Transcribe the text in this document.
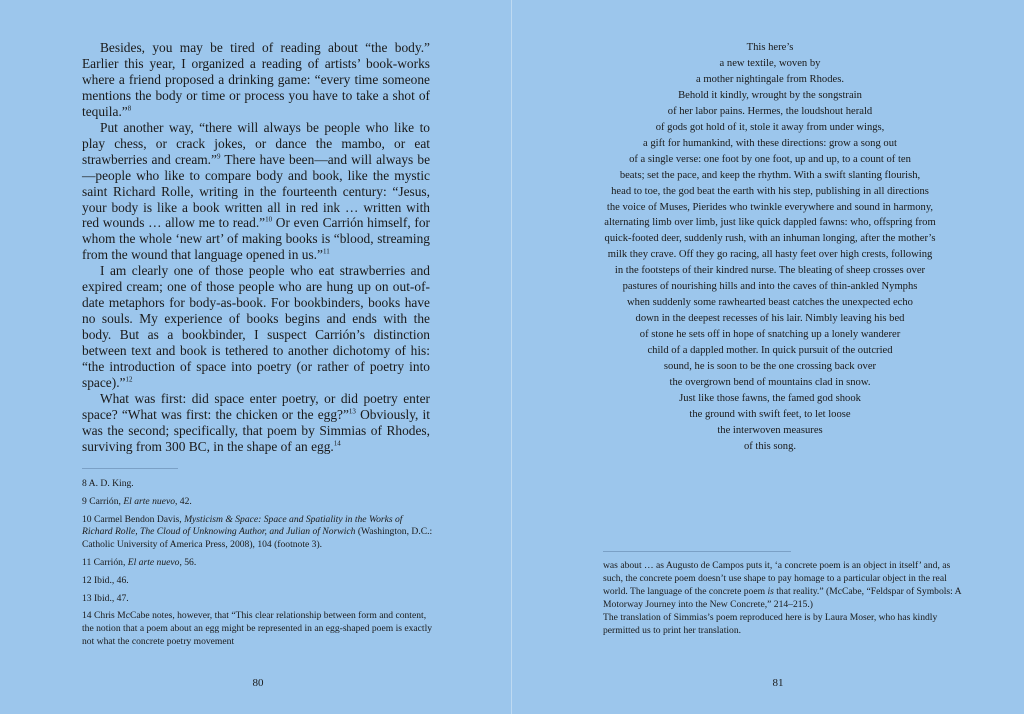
Besides, you may be tired of reading about “the body.” Earlier this year, I organized a reading of artists’ book-works where a friend proposed a drinking game: “every time someone mentions the body or time or process you have to take a shot of tequila.”$^8$

Put another way, “there will always be people who like to play chess, or crack jokes, or dance the mambo, or eat strawberries and cream.”$^9$ There have been—and will always be—people who like to compare body and book, like the mystic saint Richard Rolle, writing in the fourteenth century: “Jesus, your body is like a book written all in red ink … written with red wounds … allow me to read.”$^{10}$ Or even Carrión himself, for whom the whole ‘new art’ of making books is “blood, streaming from the wound that language opened in us.”$^{11}$

I am clearly one of those people who eat strawberries and expired cream; one of those people who are hung up on out-of-date metaphors for body-as-book. For bookbinders, books have no souls. My experience of books begins and ends with the body. But as a bookbinder, I suspect Carrión’s distinction between text and book is tethered to another dichotomy of his: “the introduction of space into poetry (or rather of poetry into space).”$^{12}$

What was first: did space enter poetry, or did poetry enter space? “What was first: the chicken or the egg?”$^{13}$ Obviously, it was the second; specifically, that poem by Simmias of Rhodes, surviving from 300 BC, in the shape of an egg.$^{14}$

8 A. D. King.

9 Carrión, El arte nuevo, 42.

10 Carmel Bendon Davis, Mysticism & Space: Space and Spatiality in the Works of Richard Rolle, The Cloud of Unknowing Author, and Julian of Norwich (Washington, D.C.: Catholic University of America Press, 2008), 104 (footnote 3).

11 Carrión, El arte nuevo, 56.

12 Ibid., 46.

13 Ibid., 47.

14 Chris McCabe notes, however, that “This clear relationship between form and content, the notion that a poem about an egg might be represented in an egg-shaped poem is exactly not what the concrete poetry movement

80
This here’s
a new textile, woven by
a mother nightingale from Rhodes.
Behold it kindly, wrought by the songstrain
of her labor pains. Hermes, the loudshout herald
of gods got hold of it, stole it away from under wings,
a gift for humankind, with these directions: grow a song out
of a single verse: one foot by one foot, up and up, to a count of ten
beats; set the pace, and keep the rhythm. With a swift slanting flourish,
head to toe, the god beat the earth with his step, publishing in all directions
the voice of Muses, Pierides who twinkle everywhere and sound in harmony,
alternating limb over limb, just like quick dappled fawns: who, offspring from
quick-footed deer, suddenly rush, with an inhuman longing, after the mother’s
milk they crave. Off they go racing, all hasty feet over high crests, following
in the footsteps of their kindred nurse. The bleating of sheep crosses over
pastures of nourishing hills and into the caves of thin-ankled Nymphs
when suddenly some rawhearted beast catches the unexpected echo
down in the deepest recesses of his lair. Nimbly leaving his bed
of stone he sets off in hope of snatching up a lonely wanderer
child of a dappled mother. In quick pursuit of the outcried
sound, he is soon to be the one crossing back over
the overgrown bend of mountains clad in snow.
Just like those fawns, the famed god shook
the ground with swift feet, to let loose
the interwoven measures
of this song.

was about … as Augusto de Campos puts it, ‘a concrete poem is an object in itself’ and, as such, the concrete poem doesn’t use shape to pay homage to a particular object in the real world. The language of the concrete poem is that reality.” (McCabe, “Feldspar of Symbols: A Motorway Journey into the New Concrete,” 214–215.)

The translation of Simmias’s poem reproduced here is by Laura Moser, who has kindly permitted us to print her translation.

81
